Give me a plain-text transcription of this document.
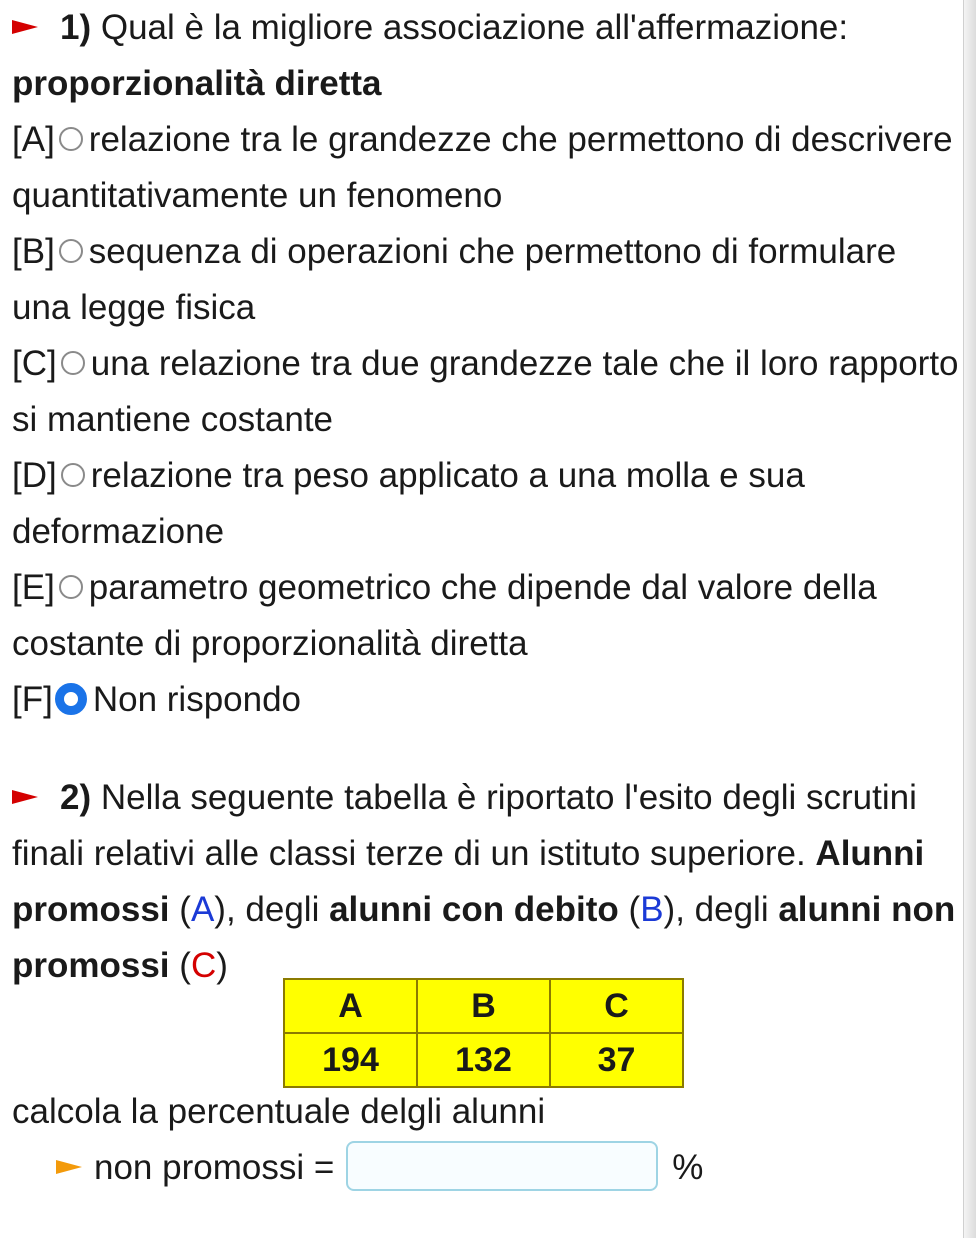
1) Qual è la migliore associazione all'affermazione: proporzionalità diretta
[A] relazione tra le grandezze che permettono di descrivere quantitativamente un fenomeno
[B] sequenza di operazioni che permettono di formulare una legge fisica
[C] una relazione tra due grandezze tale che il loro rapporto si mantiene costante
[D] relazione tra peso applicato a una molla e sua deformazione
[E] parametro geometrico che dipende dal valore della costante di proporzionalità diretta
[F] Non rispondo
2) Nella seguente tabella è riportato l'esito degli scrutini finali relativi alle classi terze di un istituto superiore. Alunni promossi (A), degli alunni con debito (B), degli alunni non promossi (C)
A	B	C
194	132	37
calcola la percentuale delgli alunni
non promossi =	%
